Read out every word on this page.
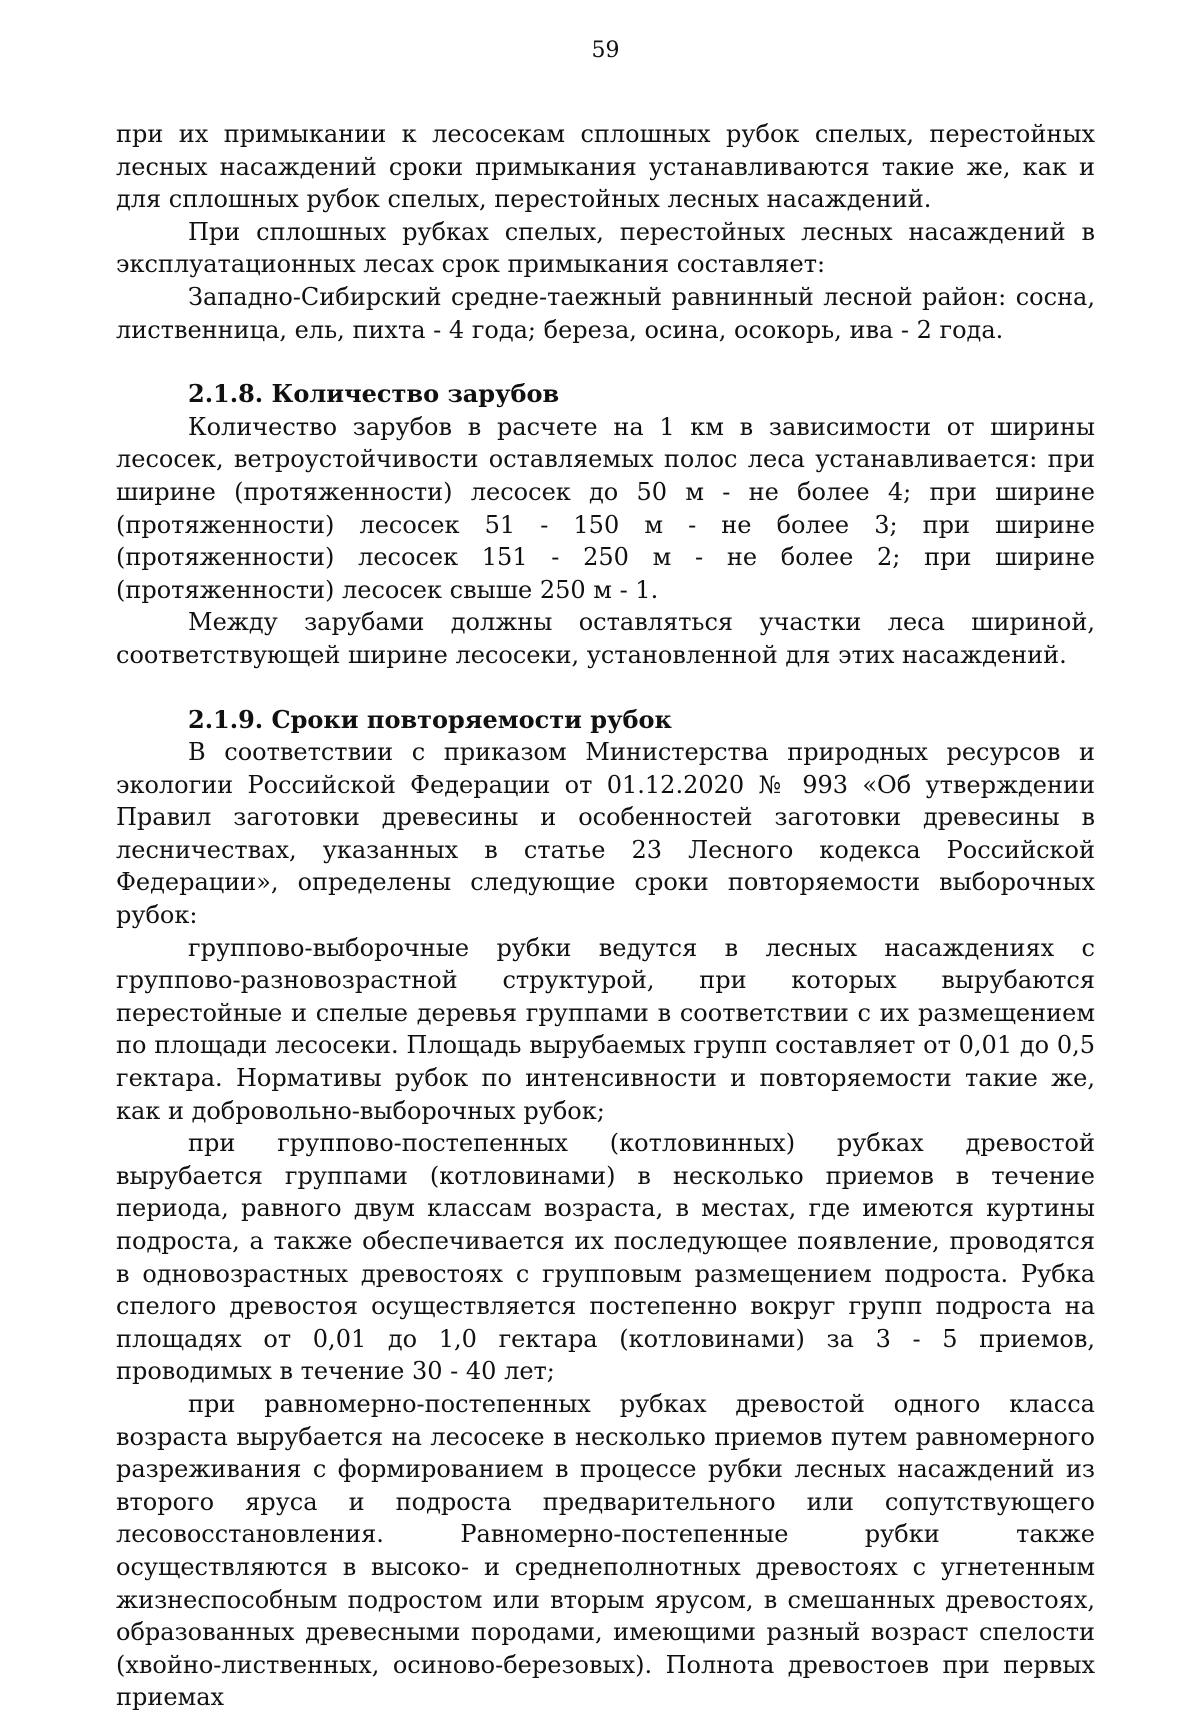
59

при их примыкании к лесосекам сплошных рубок спелых, перестойных лесных насаждений сроки примыкания устанавливаются такие же, как и для сплошных рубок спелых, перестойных лесных насаждений.

При сплошных рубках спелых, перестойных лесных насаждений в эксплуатационных лесах срок примыкания составляет:

Западно-Сибирский средне-таежный равнинный лесной район: сосна, лиственница, ель, пихта - 4 года; береза, осина, осокорь, ива - 2 года.

2.1.8. Количество зарубов

Количество зарубов в расчете на 1 км в зависимости от ширины лесосек, ветроустойчивости оставляемых полос леса устанавливается: при ширине (протяженности) лесосек до 50 м - не более 4; при ширине (протяженности) лесосек 51 - 150 м - не более 3; при ширине (протяженности) лесосек 151 - 250 м - не более 2; при ширине (протяженности) лесосек свыше 250 м - 1.

Между зарубами должны оставляться участки леса шириной, соответствующей ширине лесосеки, установленной для этих насаждений.

2.1.9. Сроки повторяемости рубок

В соответствии с приказом Министерства природных ресурсов и экологии Российской Федерации от 01.12.2020 № 993 «Об утверждении Правил заготовки древесины и особенностей заготовки древесины в лесничествах, указанных в статье 23 Лесного кодекса Российской Федерации», определены следующие сроки повторяемости выборочных рубок:

группово-выборочные рубки ведутся в лесных насаждениях с группово-разновозрастной структурой, при которых вырубаются перестойные и спелые деревья группами в соответствии с их размещением по площади лесосеки. Площадь вырубаемых групп составляет от 0,01 до 0,5 гектара. Нормативы рубок по интенсивности и повторяемости такие же, как и добровольно-выборочных рубок;

при группово-постепенных (котловинных) рубках древостой вырубается группами (котловинами) в несколько приемов в течение периода, равного двум классам возраста, в местах, где имеются куртины подроста, а также обеспечивается их последующее появление, проводятся в одновозрастных древостоях с групповым размещением подроста. Рубка спелого древостоя осуществляется постепенно вокруг групп подроста на площадях от 0,01 до 1,0 гектара (котловинами) за 3 - 5 приемов, проводимых в течение 30 - 40 лет;

при равномерно-постепенных рубках древостой одного класса возраста вырубается на лесосеке в несколько приемов путем равномерного разреживания с формированием в процессе рубки лесных насаждений из второго яруса и подроста предварительного или сопутствующего лесовосстановления. Равномерно-постепенные рубки также осуществляются в высоко- и среднеполнотных древостоях с угнетенным жизнеспособным подростом или вторым ярусом, в смешанных древостоях, образованных древесными породами, имеющими разный возраст спелости (хвойно-лиственных, осиново-березовых). Полнота древостоев при первых приемах
